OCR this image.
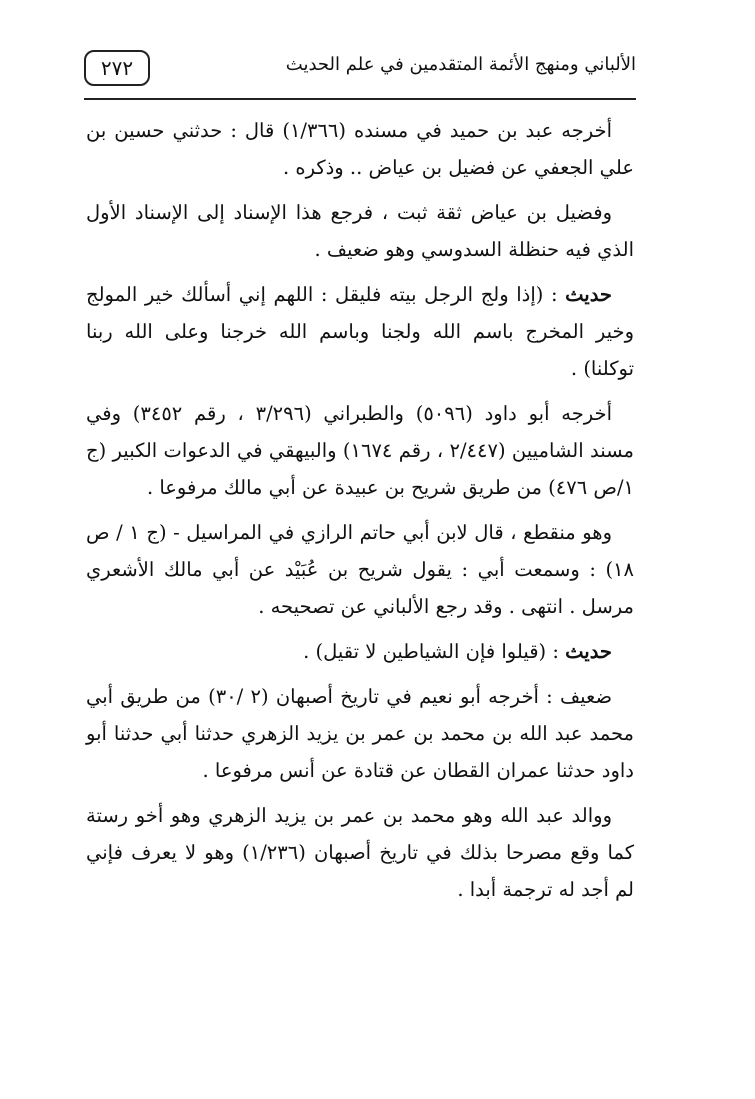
٢٧٢	الألباني ومنهج الأئمة المتقدمين في علم الحديث

أخرجه عبد بن حميد في مسنده (١/٣٦٦) قال : حدثني حسين بن علي الجعفي عن فضيل بن عياض .. وذكره .

وفضيل بن عياض ثقة ثبت ، فرجع هذا الإسناد إلى الإسناد الأول الذي فيه حنظلة السدوسي وهو ضعيف .

حديث : (إذا ولج الرجل بيته فليقل : اللهم إني أسألك خير المولج وخير المخرج باسم الله ولجنا وباسم الله خرجنا وعلى الله ربنا توكلنا) .

أخرجه أبو داود (٥٠٩٦) والطبراني (٣/٢٩٦ ، رقم ٣٤٥٢) وفي مسند الشاميين (٢/٤٤٧ ، رقم ١٦٧٤) والبيهقي في الدعوات الكبير (ج ١/ص ٤٧٦) من طريق شريح بن عبيدة عن أبي مالك مرفوعا .

وهو منقطع ، قال لابن أبي حاتم الرازي في المراسيل - (ج ١ / ص ١٨) : وسمعت أبي : يقول شريح بن عُبَيْد عن أبي مالك الأشعري مرسل . انتهى . وقد رجع الألباني عن تصحيحه .

حديث : (قيلوا فإن الشياطين لا تقيل) .

ضعيف : أخرجه أبو نعيم في تاريخ أصبهان (٢ /٣٠) من طريق أبي محمد عبد الله بن محمد بن عمر بن يزيد الزهري حدثنا أبي حدثنا أبو داود حدثنا عمران القطان عن قتادة عن أنس مرفوعا .

ووالد عبد الله وهو محمد بن عمر بن يزيد الزهري وهو أخو رستة كما وقع مصرحا بذلك في تاريخ أصبهان (١/٢٣٦) وهو لا يعرف فإني لم أجد له ترجمة أبدا .
